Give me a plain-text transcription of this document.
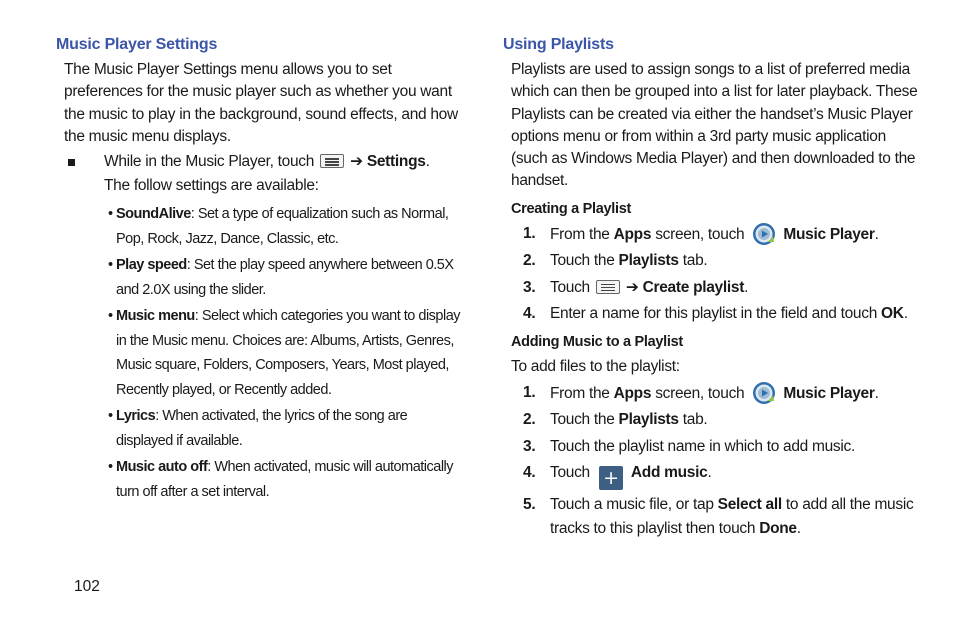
Music Player Settings

The Music Player Settings menu allows you to set preferences for the music player such as whether you want the music to play in the background, sound effects, and how the music menu displays.

While in the Music Player, touch ➔ Settings.
The follow settings are available:
• SoundAlive: Set a type of equalization such as Normal, Pop, Rock, Jazz, Dance, Classic, etc.
• Play speed: Set the play speed anywhere between 0.5X and 2.0X using the slider.
• Music menu: Select which categories you want to display in the Music menu. Choices are: Albums, Artists, Genres, Music square, Folders, Composers, Years, Most played, Recently played, or Recently added.
• Lyrics: When activated, the lyrics of the song are displayed if available.
• Music auto off: When activated, music will automatically turn off after a set interval.
Using Playlists

Playlists are used to assign songs to a list of preferred media which can then be grouped into a list for later playback. These Playlists can be created via either the handset’s Music Player options menu or from within a 3rd party music application (such as Windows Media Player) and then downloaded to the handset.

Creating a Playlist
1. From the Apps screen, touch	Music Player.
2. Touch the Playlists tab.
3. Touch ➔ Create playlist.
4. Enter a name for this playlist in the field and touch OK.
Adding Music to a Playlist

To add files to the playlist:

1. From the Apps screen, touch	Music Player.
2. Touch the Playlists tab.
3. Touch the playlist name in which to add music.
4. Touch + Add music.
5. Touch a music file, or tap Select all to add all the music tracks to this playlist then touch Done.
102
